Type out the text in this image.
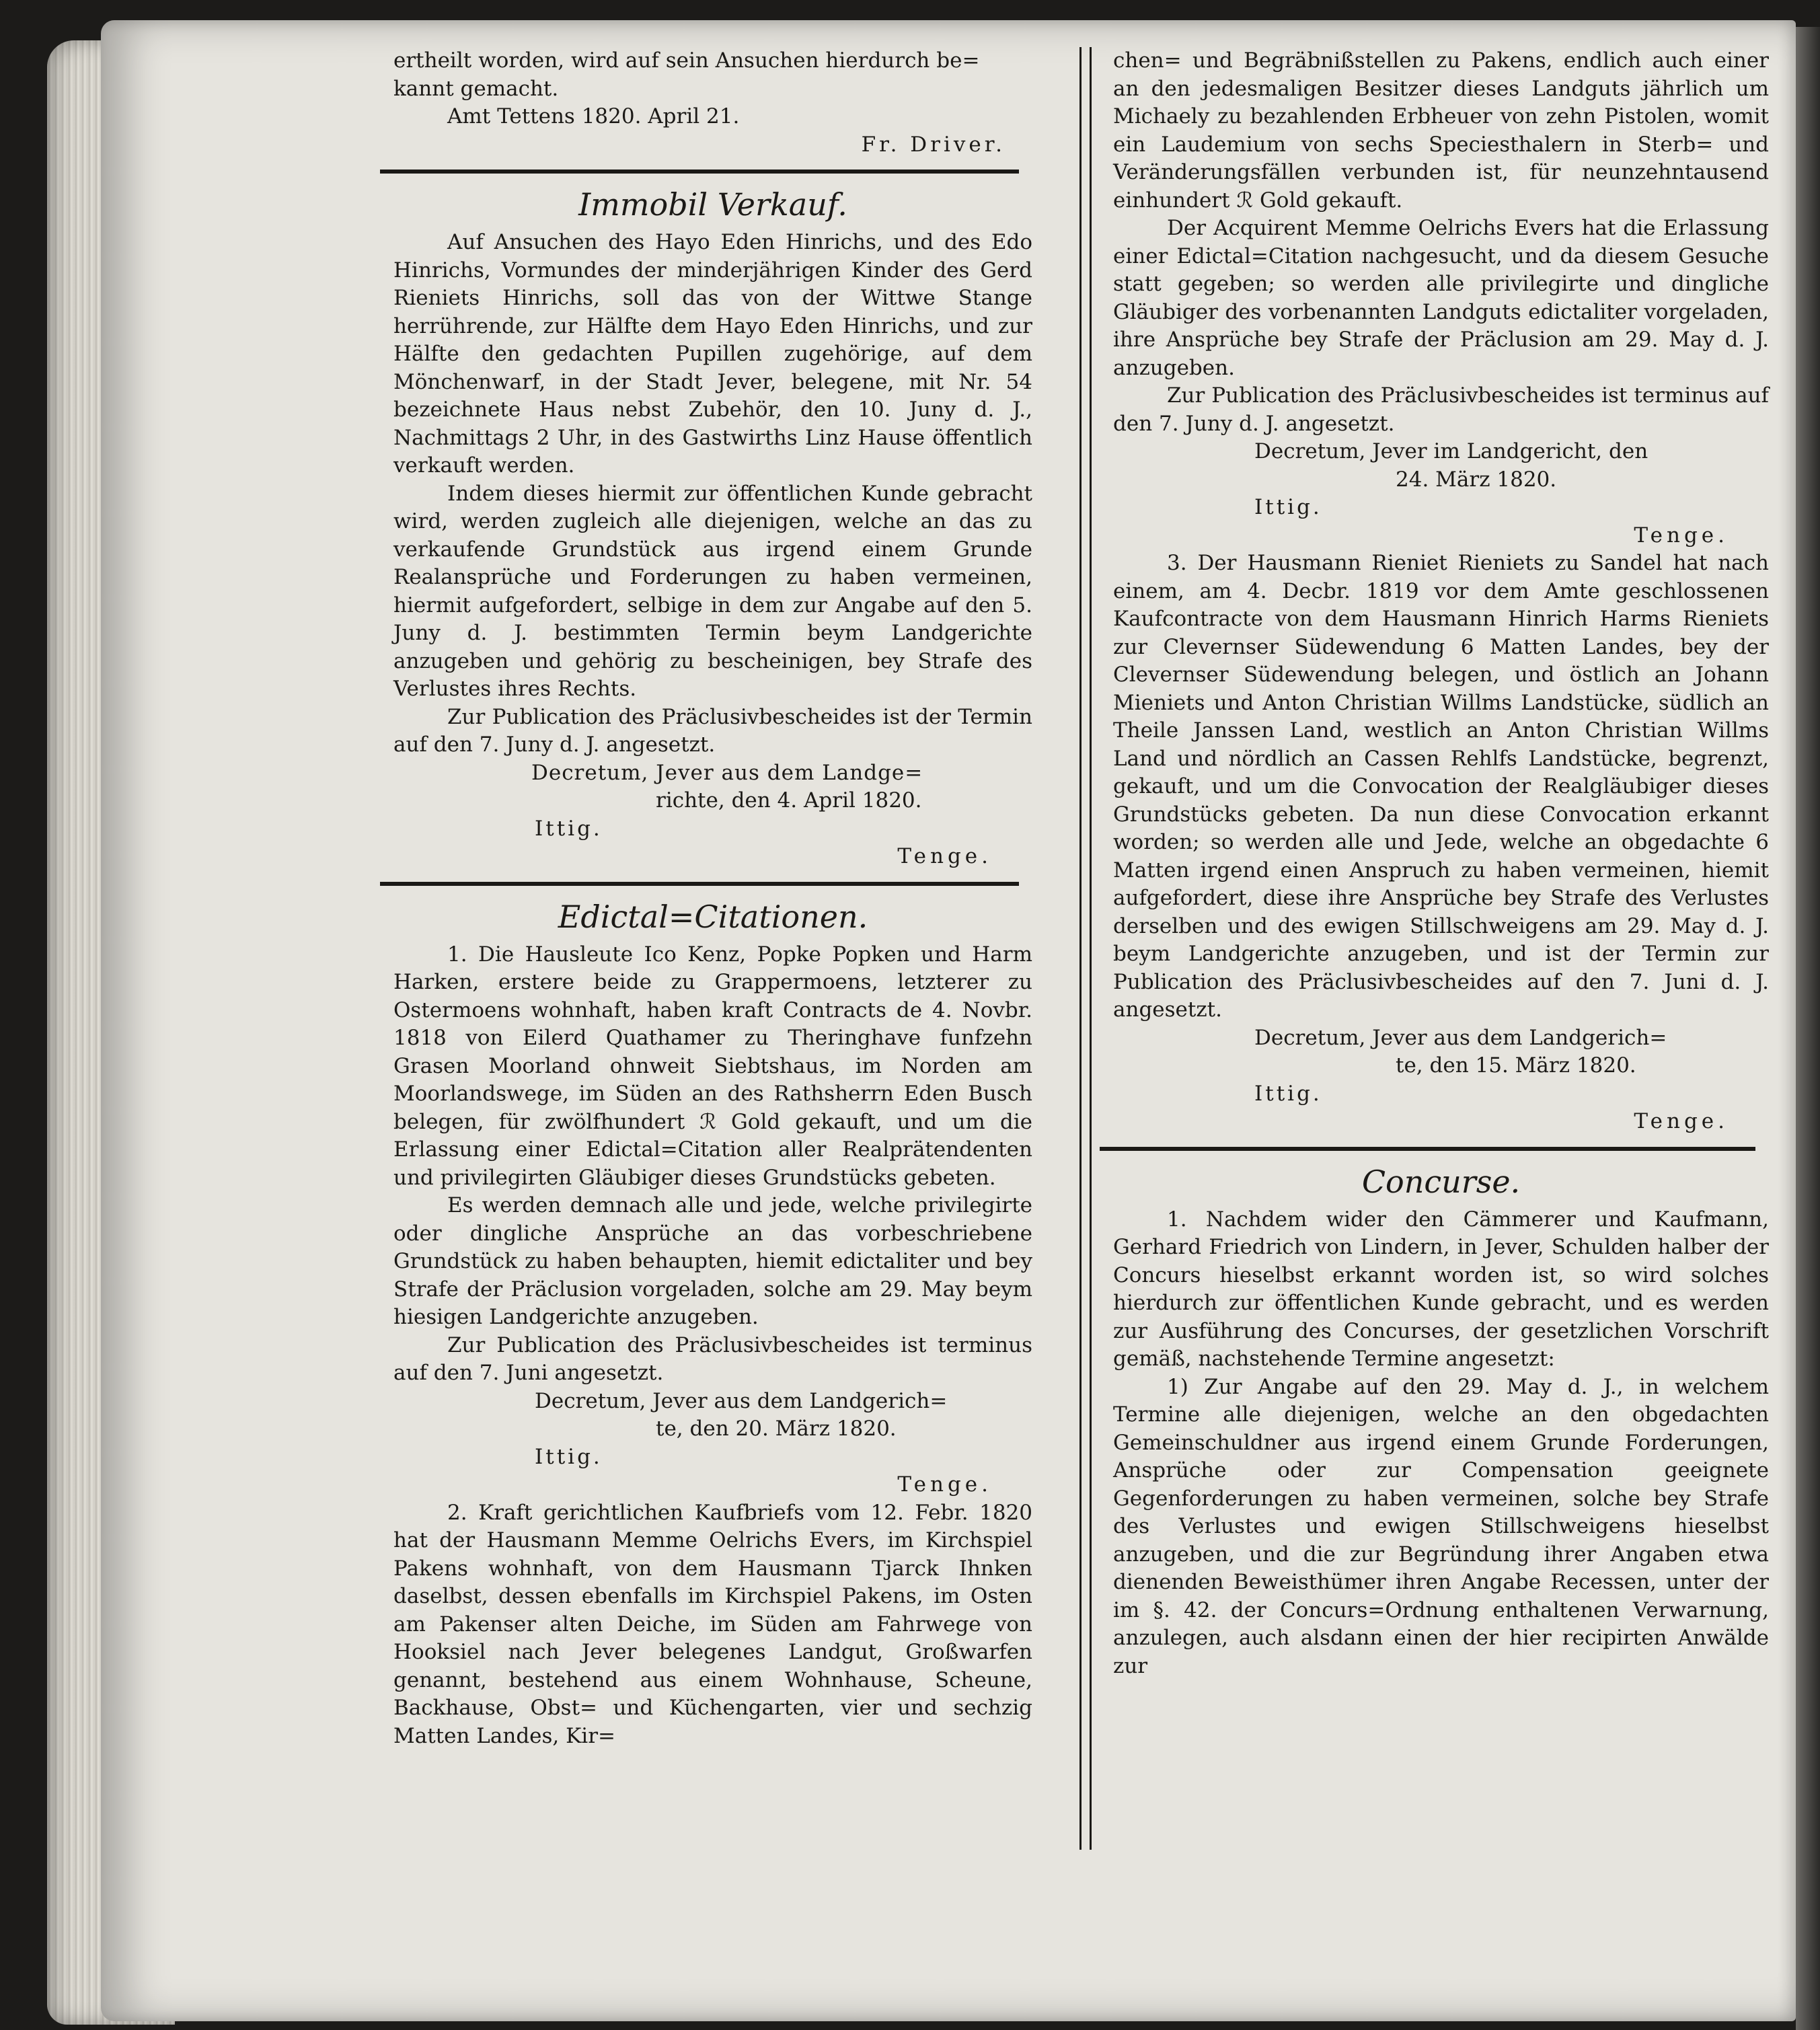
ertheilt worden, wird auf sein Ansuchen hierdurch be=

kannt gemacht.

Amt Tettens 1820. April 21.

Fr. Driver.

Immobil Verkauf.

Auf Ansuchen des Hayo Eden Hinrichs, und des Edo Hinrichs, Vormundes der minderjährigen Kinder des Gerd Rieniets Hinrichs, soll das von der Wittwe Stange herrührende, zur Hälfte dem Hayo Eden Hinrichs, und zur Hälfte den gedachten Pupillen zugehörige, auf dem Mönchenwarf, in der Stadt Jever, belegene, mit Nr. 54 bezeichnete Haus nebst Zubehör, den 10. Juny d. J., Nachmittags 2 Uhr, in des Gastwirths Linz Hause öffentlich verkauft werden.

Indem dieses hiermit zur öffentlichen Kunde gebracht wird, werden zugleich alle diejenigen, welche an das zu verkaufende Grundstück aus irgend einem Grunde Realansprüche und Forderungen zu haben vermeinen, hiermit aufgefordert, selbige in dem zur Angabe auf den 5. Juny d. J. bestimmten Termin beym Landgerichte anzugeben und gehörig zu bescheinigen, bey Strafe des Verlustes ihres Rechts.

Zur Publication des Präclusivbescheides ist der Termin auf den 7. Juny d. J. angesetzt.

Decretum, Jever aus dem Landge=

richte, den 4. April 1820.

Ittig.

Tenge.

Edictal=Citationen.

1. Die Hausleute Ico Kenz, Popke Popken und Harm Harken, erstere beide zu Grappermoens, letzterer zu Ostermoens wohnhaft, haben kraft Contracts de 4. Novbr. 1818 von Eilerd Quathamer zu Theringhave funfzehn Grasen Moorland ohnweit Siebtshaus, im Norden am Moorlandswege, im Süden an des Rathsherrn Eden Busch belegen, für zwölfhundert ℛ Gold gekauft, und um die Erlassung einer Edictal=Citation aller Realprätendenten und privilegirten Gläubiger dieses Grundstücks gebeten.

Es werden demnach alle und jede, welche privilegirte oder dingliche Ansprüche an das vorbeschriebene Grundstück zu haben behaupten, hiemit edictaliter und bey Strafe der Präclusion vorgeladen, solche am 29. May beym hiesigen Landgerichte anzugeben.

Zur Publication des Präclusivbescheides ist terminus auf den 7. Juni angesetzt.

Decretum, Jever aus dem Landgerich=

te, den 20. März 1820.

Ittig.

Tenge.

2. Kraft gerichtlichen Kaufbriefs vom 12. Febr. 1820 hat der Hausmann Memme Oelrichs Evers, im Kirchspiel Pakens wohnhaft, von dem Hausmann Tjarck Ihnken daselbst, dessen ebenfalls im Kirchspiel Pakens, im Osten am Pakenser alten Deiche, im Süden am Fahrwege von Hooksiel nach Jever belegenes Landgut, Großwarfen genannt, bestehend aus einem Wohnhause, Scheune, Backhause, Obst= und Küchengarten, vier und sechzig Matten Landes, Kir=

chen= und Begräbnißstellen zu Pakens, endlich auch einer an den jedesmaligen Besitzer dieses Landguts jährlich um Michaely zu bezahlenden Erbheuer von zehn Pistolen, womit ein Laudemium von sechs Speciesthalern in Sterb= und Veränderungsfällen verbunden ist, für neunzehntausend einhundert ℛ Gold gekauft.

Der Acquirent Memme Oelrichs Evers hat die Erlassung einer Edictal=Citation nachgesucht, und da diesem Gesuche statt gegeben; so werden alle privilegirte und dingliche Gläubiger des vorbenannten Landguts edictaliter vorgeladen, ihre Ansprüche bey Strafe der Präclusion am 29. May d. J. anzugeben.

Zur Publication des Präclusivbescheides ist terminus auf den 7. Juny d. J. angesetzt.

Decretum, Jever im Landgericht, den

24. März 1820.

Ittig.

Tenge.

3. Der Hausmann Rieniet Rieniets zu Sandel hat nach einem, am 4. Decbr. 1819 vor dem Amte geschlossenen Kaufcontracte von dem Hausmann Hinrich Harms Rieniets zur Clevernser Südewendung 6 Matten Landes, bey der Clevernser Südewendung belegen, und östlich an Johann Mieniets und Anton Christian Willms Landstücke, südlich an Theile Janssen Land, westlich an Anton Christian Willms Land und nördlich an Cassen Rehlfs Landstücke, begrenzt, gekauft, und um die Convocation der Realgläubiger dieses Grundstücks gebeten. Da nun diese Convocation erkannt worden; so werden alle und Jede, welche an obgedachte 6 Matten irgend einen Anspruch zu haben vermeinen, hiemit aufgefordert, diese ihre Ansprüche bey Strafe des Verlustes derselben und des ewigen Stillschweigens am 29. May d. J. beym Landgerichte anzugeben, und ist der Termin zur Publication des Präclusivbescheides auf den 7. Juni d. J. angesetzt.

Decretum, Jever aus dem Landgerich=

te, den 15. März 1820.

Ittig.

Tenge.

Concurse.

1. Nachdem wider den Cämmerer und Kaufmann, Gerhard Friedrich von Lindern, in Jever, Schulden halber der Concurs hieselbst erkannt worden ist, so wird solches hierdurch zur öffentlichen Kunde gebracht, und es werden zur Ausführung des Concurses, der gesetzlichen Vorschrift gemäß, nachstehende Termine angesetzt:

1) Zur Angabe auf den 29. May d. J., in welchem Termine alle diejenigen, welche an den obgedachten Gemeinschuldner aus irgend einem Grunde Forderungen, Ansprüche oder zur Compensation geeignete Gegenforderungen zu haben vermeinen, solche bey Strafe des Verlustes und ewigen Stillschweigens hieselbst anzugeben, und die zur Begründung ihrer Angaben etwa dienenden Beweisthümer ihren Angabe Recessen, unter der im §. 42. der Concurs=Ordnung enthaltenen Verwarnung, anzulegen, auch alsdann einen der hier recipirten Anwälde zur
